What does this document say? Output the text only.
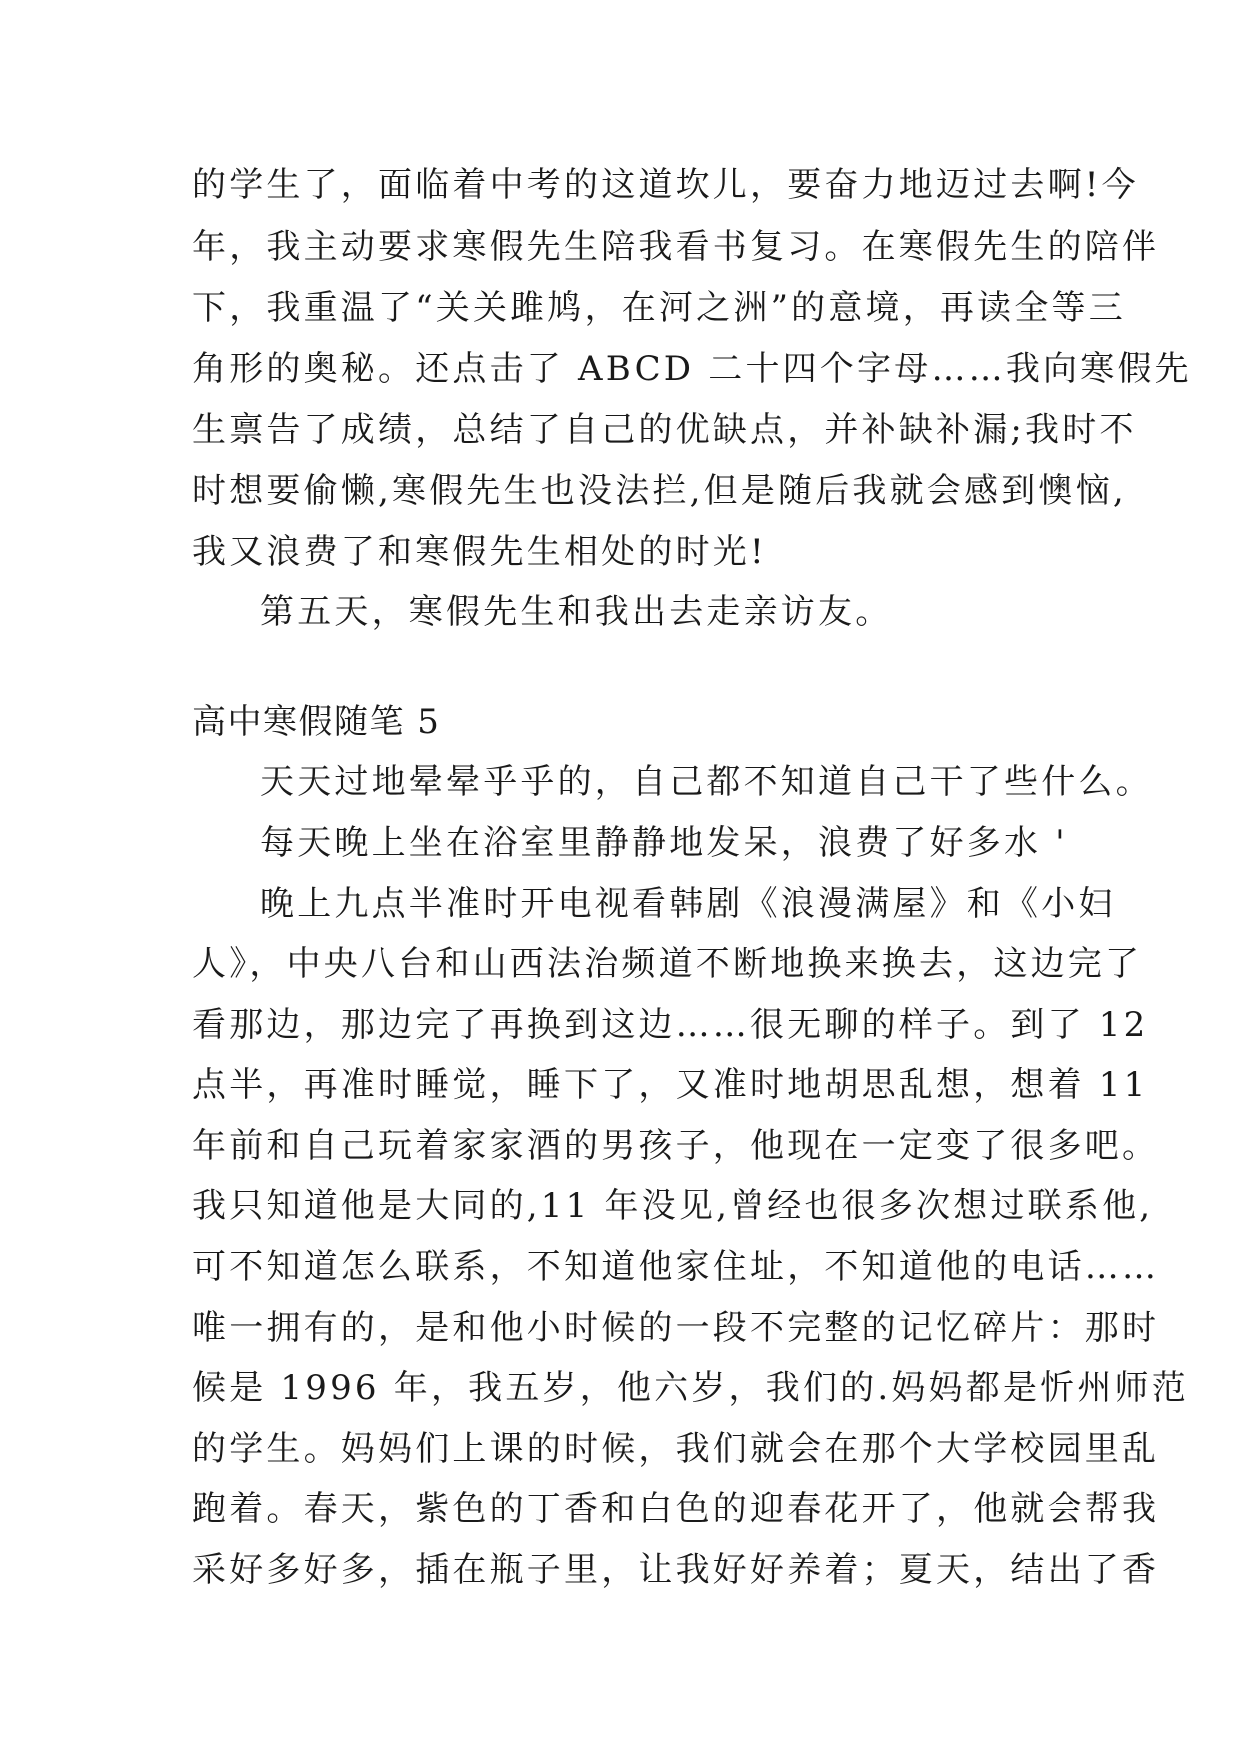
的学生了，面临着中考的这道坎儿，要奋力地迈过去啊!今
年，我主动要求寒假先生陪我看书复习。在寒假先生的陪伴
下，我重温了“关关雎鸠，在河之洲”的意境，再读全等三
角形的奥秘。还点击了 ABCD 二十四个字母……我向寒假先
生禀告了成绩，总结了自己的优缺点，并补缺补漏;我时不
时想要偷懒,寒假先生也没法拦,但是随后我就会感到懊恼,
我又浪费了和寒假先生相处的时光!
第五天，寒假先生和我出去走亲访友。
高中寒假随笔 5
天天过地晕晕乎乎的，自己都不知道自己干了些什么。
每天晚上坐在浴室里静静地发呆，浪费了好多水 '
晚上九点半准时开电视看韩剧《浪漫满屋》和《小妇
人》，中央八台和山西法治频道不断地换来换去，这边完了
看那边，那边完了再换到这边……很无聊的样子。到了 12
点半，再准时睡觉，睡下了，又准时地胡思乱想，想着 11
年前和自己玩着家家酒的男孩子，他现在一定变了很多吧。
我只知道他是大同的,11 年没见,曾经也很多次想过联系他,
可不知道怎么联系，不知道他家住址，不知道他的电话……
唯一拥有的，是和他小时候的一段不完整的记忆碎片：那时
候是 1996 年，我五岁，他六岁，我们的.妈妈都是忻州师范
的学生。妈妈们上课的时候，我们就会在那个大学校园里乱
跑着。春天，紫色的丁香和白色的迎春花开了，他就会帮我
采好多好多，插在瓶子里，让我好好养着；夏天，结出了香
